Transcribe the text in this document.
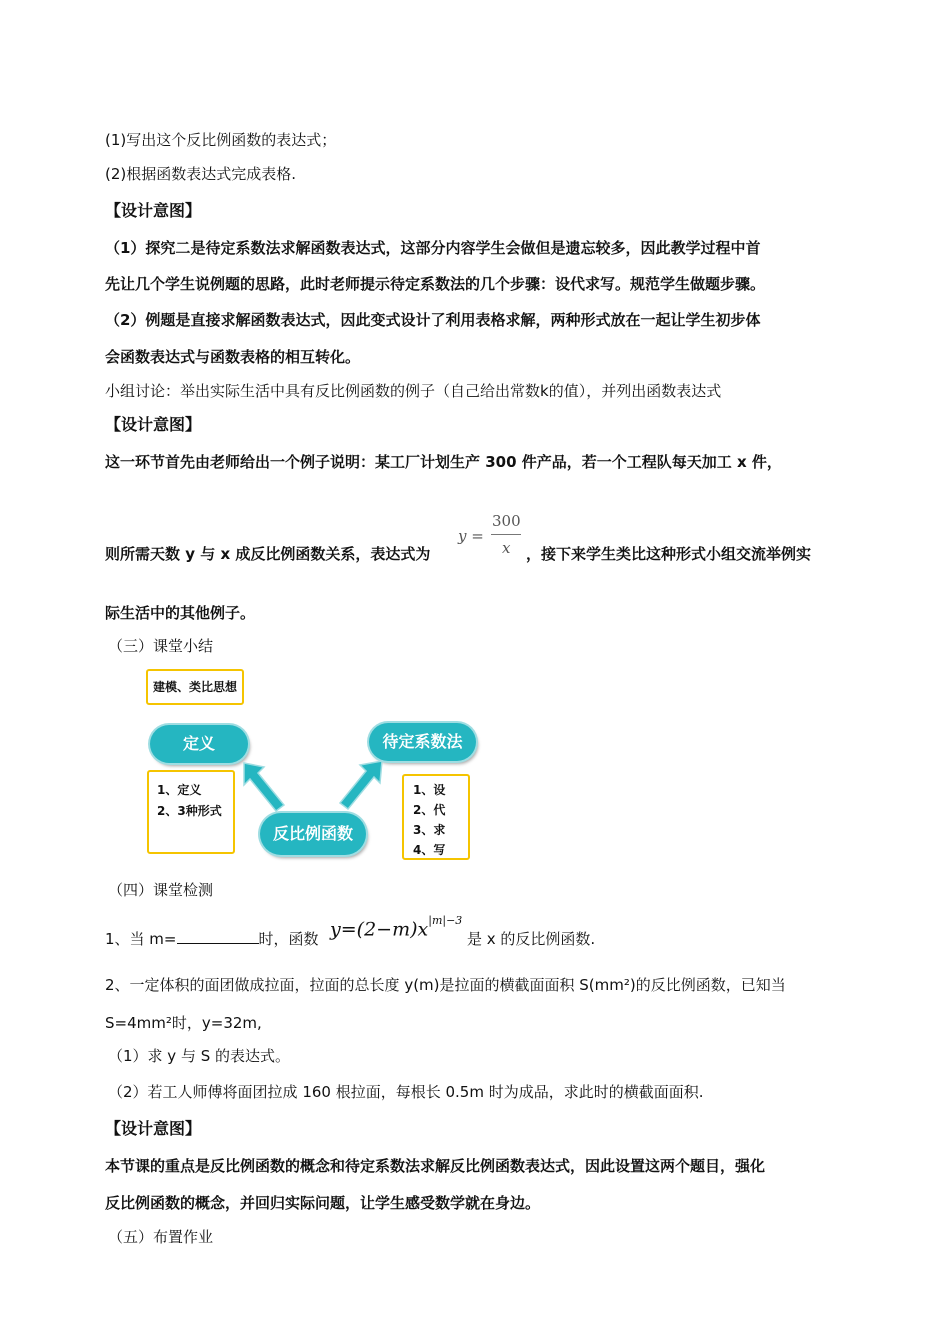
(1)写出这个反比例函数的表达式；
(2)根据函数表达式完成表格.
【设计意图】
（1）探究二是待定系数法求解函数表达式，这部分内容学生会做但是遗忘较多，因此教学过程中首
先让几个学生说例题的思路，此时老师提示待定系数法的几个步骤：设代求写。规范学生做题步骤。
（2）例题是直接求解函数表达式，因此变式设计了利用表格求解，两种形式放在一起让学生初步体
会函数表达式与函数表格的相互转化。
小组讨论：举出实际生活中具有反比例函数的例子（自己给出常数k的值），并列出函数表达式
【设计意图】
这一环节首先由老师给出一个例子说明：某工厂计划生产 300 件产品，若一个工程队每天加工 x 件，
则所需天数 y 与 x 成反比例函数关系，表达式为
y =
300
x ，接下来学生类比这种形式小组交流举例实
际生活中的其他例子。
（三）课堂小结
建模、类比思想
定义	待定系数法
反比例函数
1、定义
2、3种形式
1、设
2、代
3、求
4、写
（四）课堂检测
1、当 m=	时，函数 $y=(2-m)x^{|m|-3}$
是 x 的反比例函数.
2、一定体积的面团做成拉面，拉面的总长度 y(m)是拉面的横截面面积 S(mm²)的反比例函数，已知当
S=4mm²时，y=32m,
（1）求 y 与 S 的表达式。
（2）若工人师傅将面团拉成 160 根拉面，每根长 0.5m 时为成品，求此时的横截面面积.
【设计意图】
本节课的重点是反比例函数的概念和待定系数法求解反比例函数表达式，因此设置这两个题目，强化
反比例函数的概念，并回归实际问题，让学生感受数学就在身边。
（五）布置作业
